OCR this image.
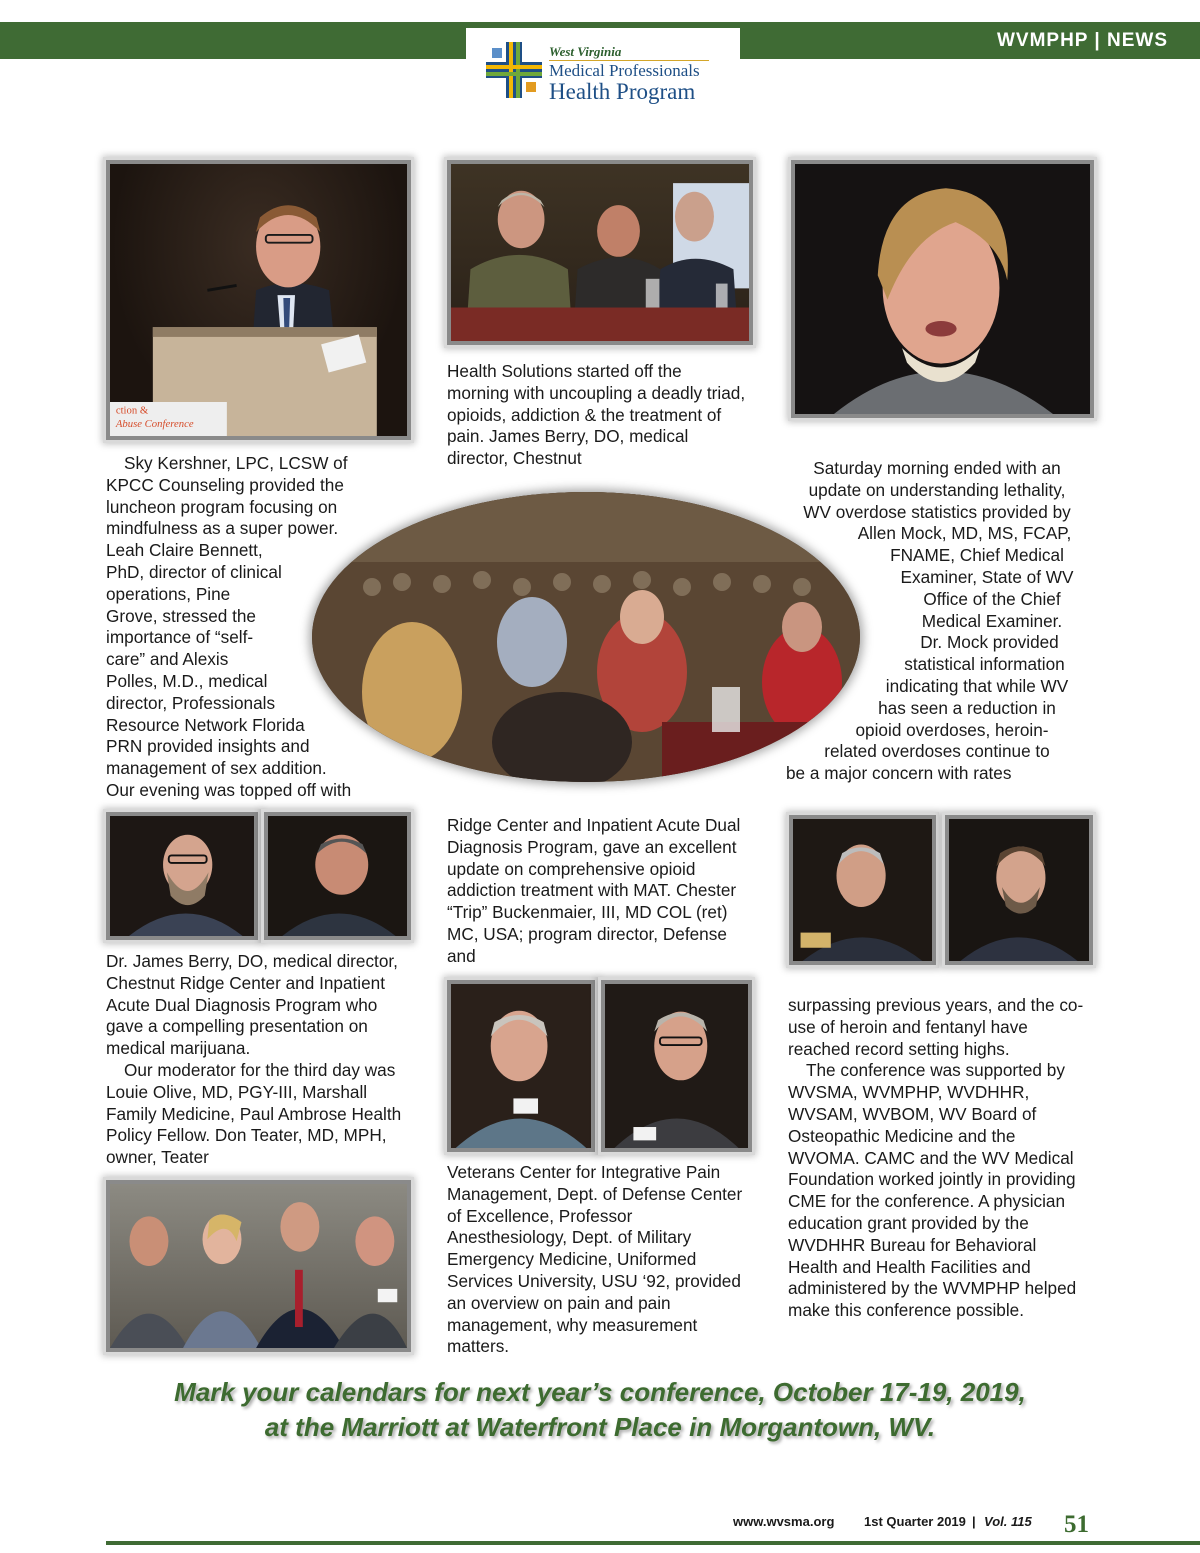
WVMPHP | NEWS
West Virginia
Medical Professionals
Health Program
ction &
Abuse Conference
Sky Kershner, LPC, LCSW of
KPCC Counseling provided the
luncheon program focusing on
mindfulness as a super power.
Leah Claire Bennett,
PhD, director of clinical
operations, Pine
Grove, stressed the
importance of “self-
care” and Alexis
Polles, M.D., medical
director, Professionals
Resource Network Florida
PRN provided insights and
management of sex addition.
Our evening was topped off with
Health Solutions started off the morning with uncoupling a deadly triad, opioids, addiction & the treatment of pain. James Berry, DO, medical director, Chestnut	Saturday morning ended with an
update on understanding lethality,
WV overdose statistics provided by
Allen Mock, MD, MS, FCAP,
FNAME, Chief Medical
Examiner, State of WV
Office of the Chief
Medical Examiner.
Dr. Mock provided
statistical information
indicating that while WV
has seen a reduction in
opioid overdoses, heroin-
related overdoses continue to
be a major concern with rates

Dr. James Berry, DO, medical director, Chestnut Ridge Center and Inpatient Acute Dual Diagnosis Program who gave a compelling presentation on medical marijuana.

Our moderator for the third day was Louie Olive, MD, PGY-III, Marshall Family Medicine, Paul Ambrose Health Policy Fellow. Don Teater, MD, MPH, owner, Teater

Ridge Center and Inpatient Acute Dual Diagnosis Program, gave an excellent update on comprehensive opioid addiction treatment with MAT. Chester “Trip” Buckenmaier, III, MD COL (ret) MC, USA; program director, Defense and
Veterans Center for Integrative Pain Management, Dept. of Defense Center of Excellence, Professor Anesthesiology, Dept. of Military Emergency Medicine, Uniformed Services University, USU ‘92, provided an overview on pain and pain management, why measurement matters.

surpassing previous years, and the co-use of heroin and fentanyl have reached record setting highs.

The conference was supported by WVSMA, WVMPHP, WVDHHR, WVSAM, WVBOM, WV Board of Osteopathic Medicine and the WVOMA. CAMC and the WV Medical Foundation worked jointly in providing CME for the conference. A physician education grant provided by the WVDHHR Bureau for Behavioral Health and Health Facilities and administered by the WVMPHP helped make this conference possible.

Mark your calendars for next year’s conference, October 17-19, 2019,
at the Marriott at Waterfront Place in Morgantown, WV.
www.wvsma.org 1st Quarter 2019 | Vol. 115 51
